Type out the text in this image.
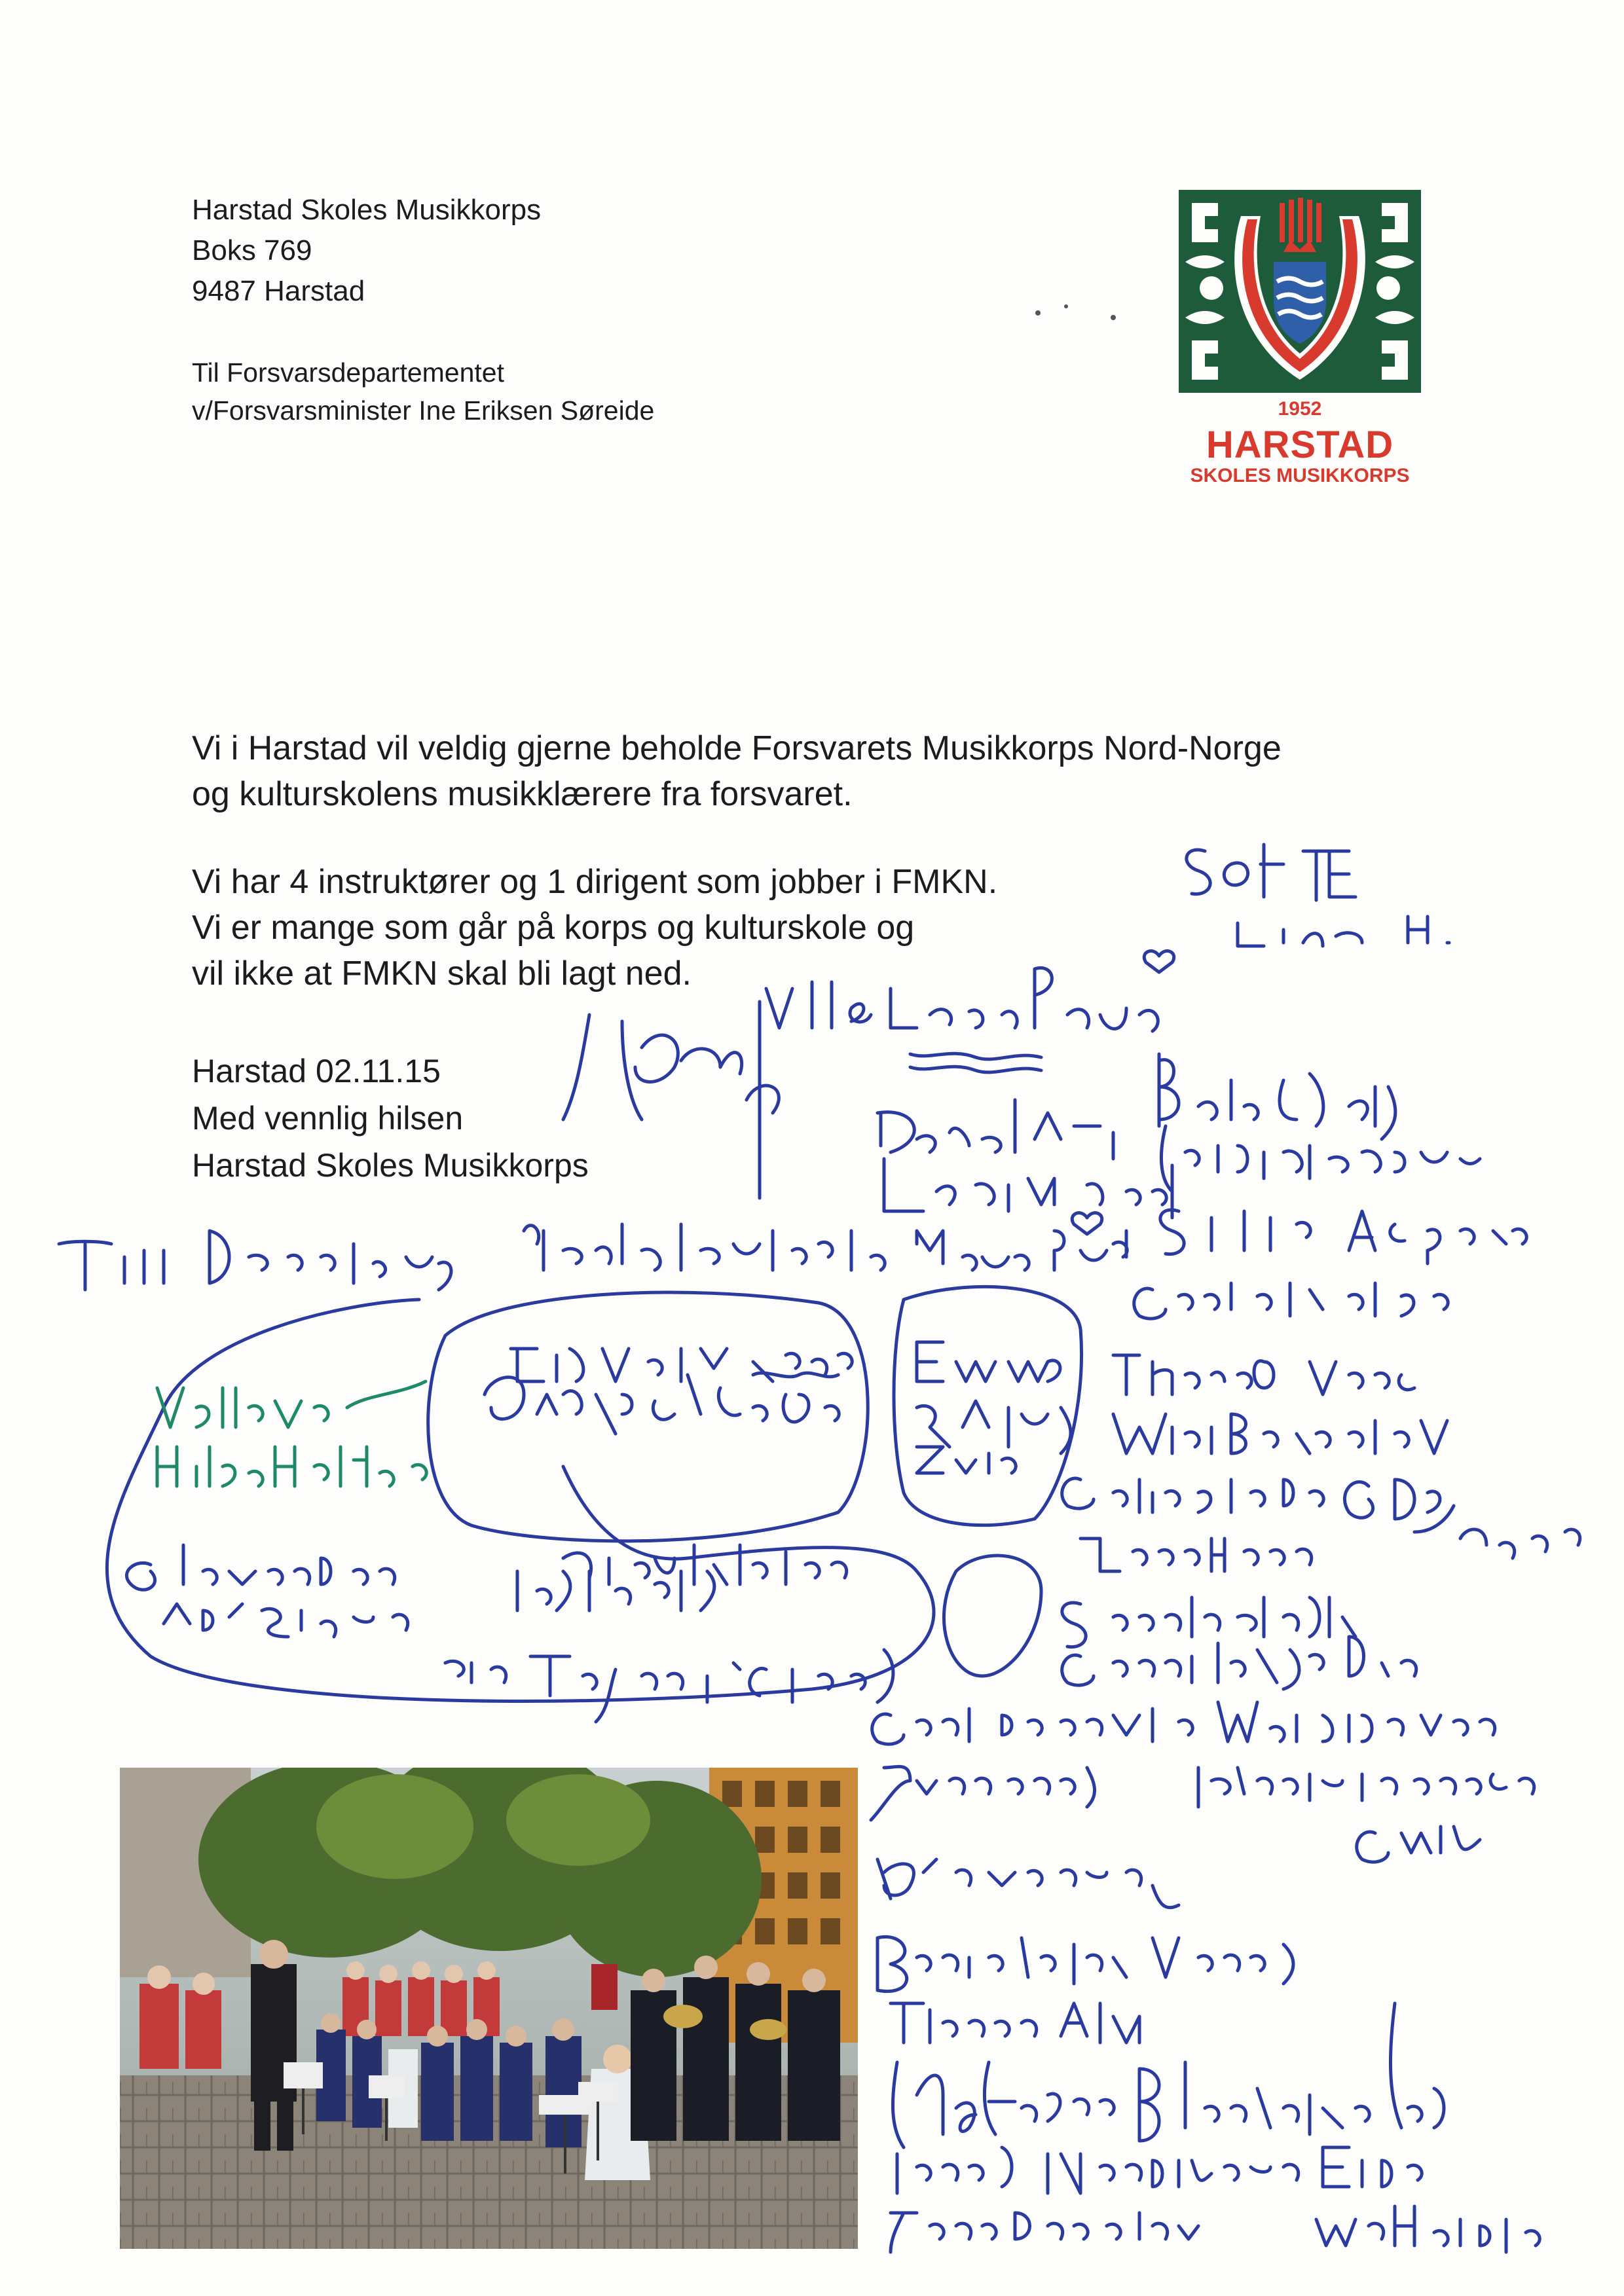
Harstad Skoles Musikkorps
Boks 769
9487 Harstad
Til Forsvarsdepartementet
v/Forsvarsminister Ine Eriksen Søreide	1952
HARSTAD
SKOLES MUSIKKORPS
Vi i Harstad vil veldig gjerne beholde Forsvarets Musikkorps Nord-Norge
og kulturskolens musikklærere fra forsvaret.
Vi har 4 instruktører og 1 dirigent som jobber i FMKN.
Vi er mange som går på korps og kulturskole og
vil ikke at FMKN skal bli lagt ned.
Harstad 02.11.15
Med vennlig hilsen
Harstad Skoles Musikkorps
